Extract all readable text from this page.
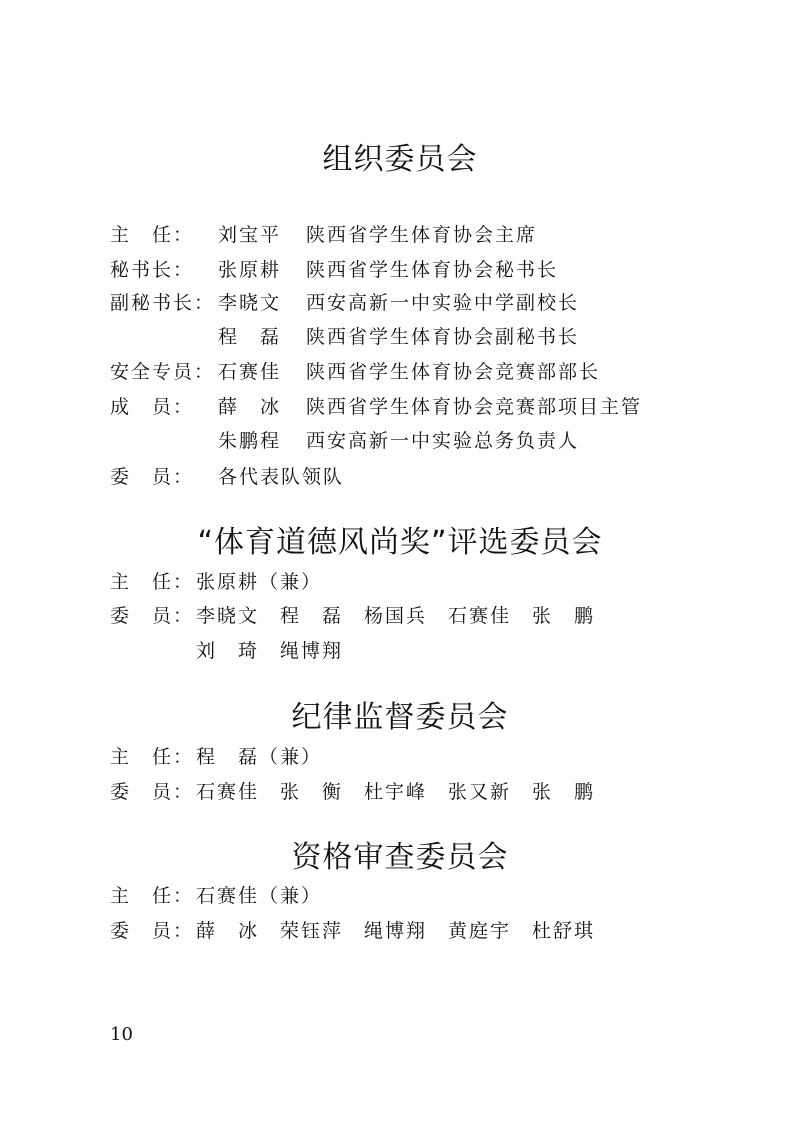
组织委员会
主　任： 刘宝平 陕西省学生体育协会主席
秘书长： 张原耕 陕西省学生体育协会秘书长
副秘书长： 李晓文 西安高新一中实验中学副校长
程　磊 陕西省学生体育协会副秘书长
安全专员： 石赛佳 陕西省学生体育协会竞赛部部长
成　员： 薛　冰 陕西省学生体育协会竞赛部项目主管
朱鹏程 西安高新一中实验总务负责人
委　员： 各代表队领队
“体育道德风尚奖”评选委员会
主　任： 张原耕（兼）
委　员： 李晓文　程　磊　杨国兵　石赛佳　张　鹏
刘　琦　绳博翔
纪律监督委员会
主　任： 程　磊（兼）
委　员： 石赛佳　张　衡　杜宇峰　张又新　张　鹏
资格审查委员会
主　任： 石赛佳（兼）
委　员： 薛　冰　荣钰萍　绳博翔　黄庭宇　杜舒琪
10
